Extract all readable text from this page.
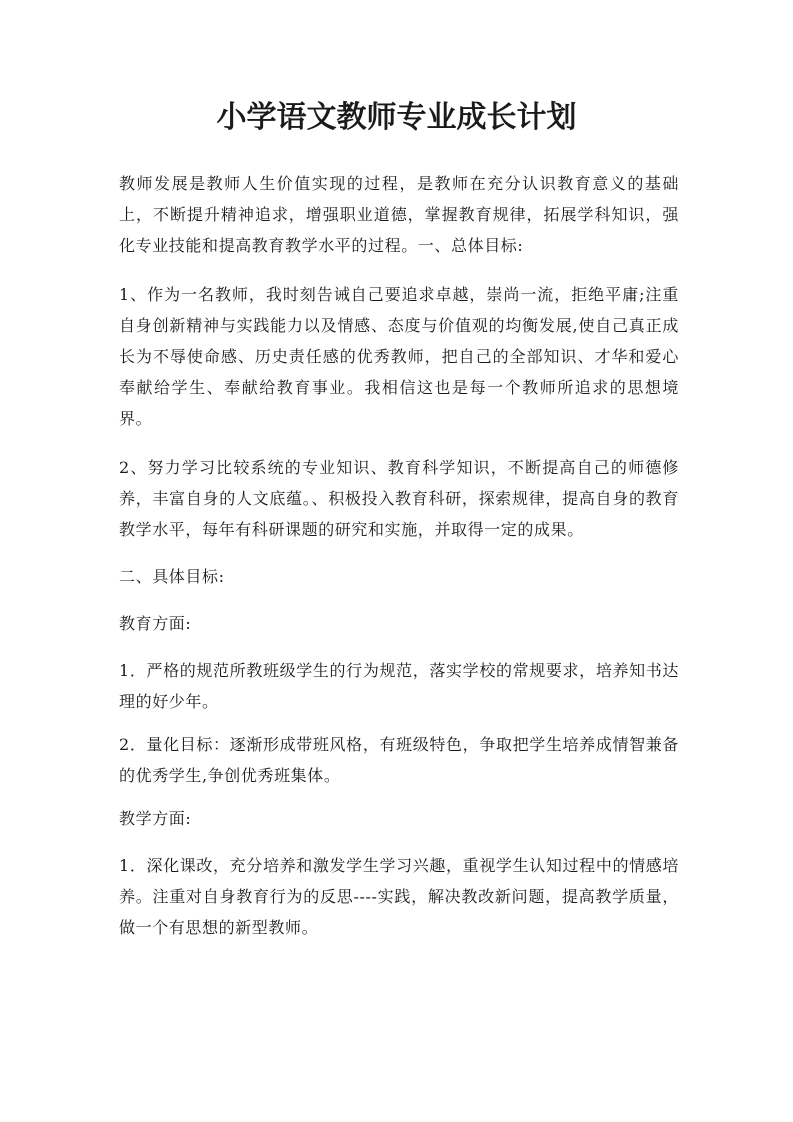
小学语文教师专业成长计划

教师发展是教师人生价值实现的过程，是教师在充分认识教育意义的基础上，不断提升精神追求，增强职业道德，掌握教育规律，拓展学科知识，强化专业技能和提高教育教学水平的过程。一、总体目标:

1、作为一名教师，我时刻告诫自己要追求卓越，崇尚一流，拒绝平庸;注重自身创新精神与实践能力以及情感、态度与价值观的均衡发展,使自己真正成长为不辱使命感、历史责任感的优秀教师，把自己的全部知识、才华和爱心奉献给学生、奉献给教育事业。我相信这也是每一个教师所追求的思想境界。

2、努力学习比较系统的专业知识、教育科学知识，不断提高自己的师德修养，丰富自身的人文底蕴。、积极投入教育科研，探索规律，提高自身的教育教学水平，每年有科研课题的研究和实施，并取得一定的成果。

二、具体目标:

教育方面:

1．严格的规范所教班级学生的行为规范，落实学校的常规要求，培养知书达理的好少年。

2．量化目标：逐渐形成带班风格，有班级特色，争取把学生培养成情智兼备的优秀学生,争创优秀班集体。

教学方面:

1．深化课改，充分培养和激发学生学习兴趣，重视学生认知过程中的情感培养。注重对自身教育行为的反思----实践，解决教改新问题，提高教学质量，做一个有思想的新型教师。
